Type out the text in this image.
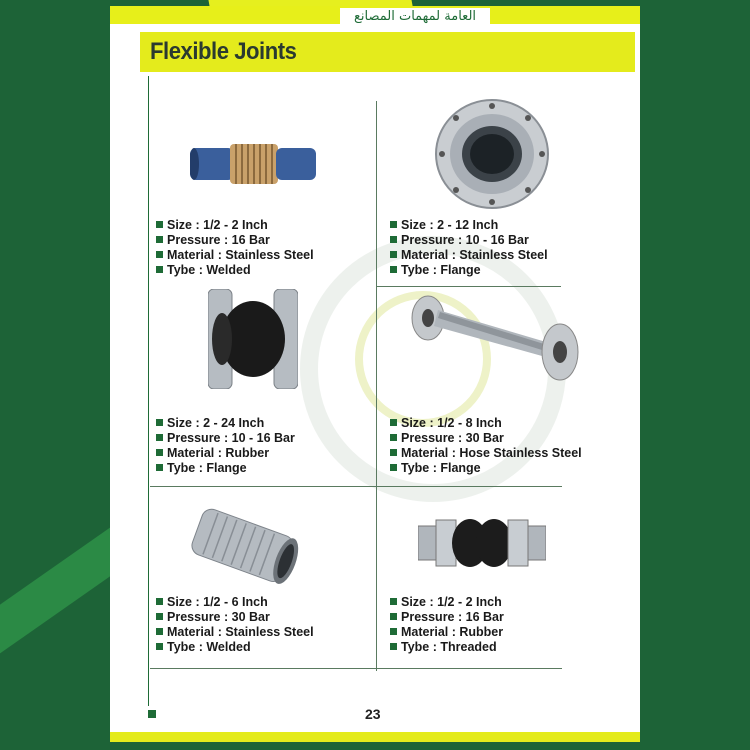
العامة لمهمات المصانع
Flexible Joints
Size : 1/2 - 2 Inch
Pressure : 16 Bar
Material : Stainless Steel
Tybe : Welded
Size : 2 - 12 Inch
Pressure : 10 - 16 Bar
Material : Stainless Steel
Tybe : Flange
Size : 2 - 24 Inch
Pressure : 10 - 16 Bar
Material : Rubber
Tybe : Flange
Size : 1/2 - 8 Inch
Pressure : 30 Bar
Material : Hose Stainless Steel
Tybe : Flange
Size : 1/2 - 6 Inch
Pressure : 30 Bar
Material : Stainless Steel
Tybe : Welded
Size : 1/2 - 2 Inch
Pressure : 16 Bar
Material : Rubber
Tybe : Threaded
23
